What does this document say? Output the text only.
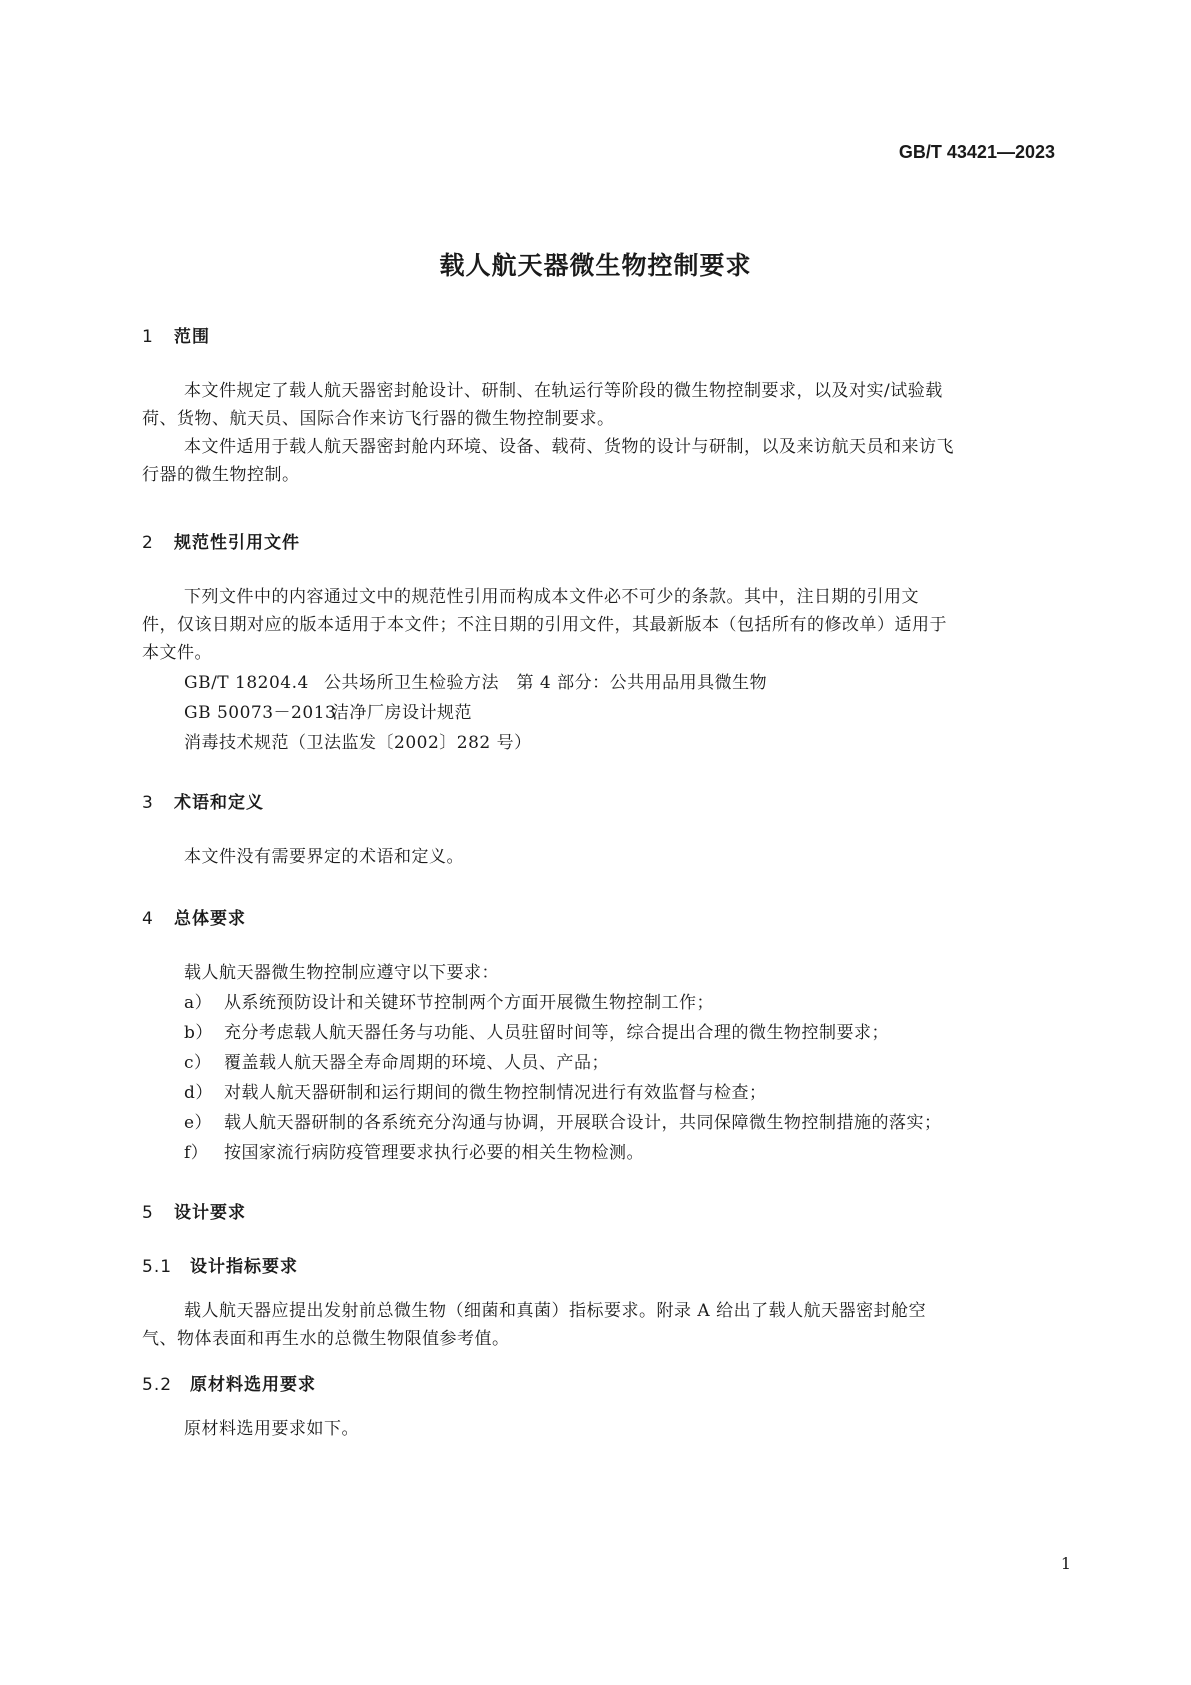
GB/T 43421—2023
载人航天器微生物控制要求
1 范围
本文件规定了载人航天器密封舱设计、研制、在轨运行等阶段的微生物控制要求，以及对实/试验载
荷、货物、航天员、国际合作来访飞行器的微生物控制要求。
本文件适用于载人航天器密封舱内环境、设备、载荷、货物的设计与研制，以及来访航天员和来访飞
行器的微生物控制。
2 规范性引用文件
下列文件中的内容通过文中的规范性引用而构成本文件必不可少的条款。其中，注日期的引用文
件，仅该日期对应的版本适用于本文件；不注日期的引用文件，其最新版本（包括所有的修改单）适用于
本文件。
GB/T 18204.4 公共场所卫生检验方法　第 4 部分：公共用品用具微生物
GB 50073－2013洁净厂房设计规范
消毒技术规范（卫法监发〔2002〕282 号）
3 术语和定义
本文件没有需要界定的术语和定义。
4 总体要求
载人航天器微生物控制应遵守以下要求：
a） 从系统预防设计和关键环节控制两个方面开展微生物控制工作；
b） 充分考虑载人航天器任务与功能、人员驻留时间等，综合提出合理的微生物控制要求；
c） 覆盖载人航天器全寿命周期的环境、人员、产品；
d） 对载人航天器研制和运行期间的微生物控制情况进行有效监督与检查；
e） 载人航天器研制的各系统充分沟通与协调，开展联合设计，共同保障微生物控制措施的落实；
f） 按国家流行病防疫管理要求执行必要的相关生物检测。
5 设计要求
5.1 设计指标要求
载人航天器应提出发射前总微生物（细菌和真菌）指标要求。附录 A 给出了载人航天器密封舱空
气、物体表面和再生水的总微生物限值参考值。
5.2 原材料选用要求
原材料选用要求如下。
1
